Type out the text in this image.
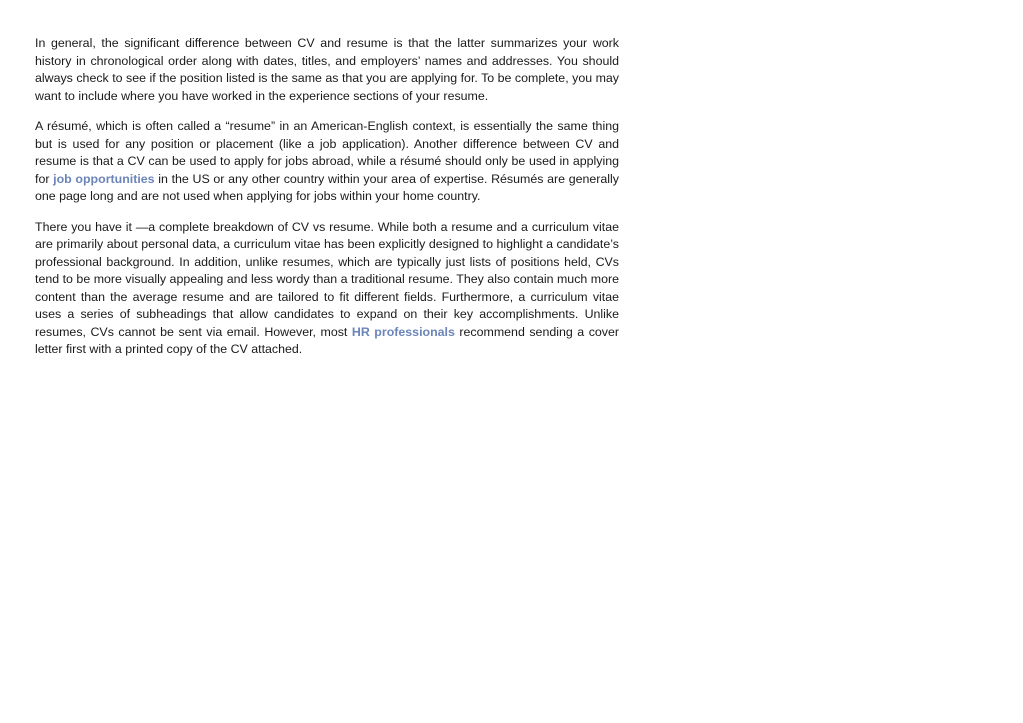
In general, the significant difference between CV and resume is that the latter summarizes your work history in chronological order along with dates, titles, and employers’ names and addresses. You should always check to see if the position listed is the same as that you are applying for. To be complete, you may want to include where you have worked in the experience sections of your resume.

A résumé, which is often called a “resume” in an American-English context, is essentially the same thing but is used for any position or placement (like a job application). Another difference between CV and resume is that a CV can be used to apply for jobs abroad, while a résumé should only be used in applying for job opportunities in the US or any other country within your area of expertise. Résumés are generally one page long and are not used when applying for jobs within your home country.

There you have it —a complete breakdown of CV vs resume. While both a resume and a curriculum vitae are primarily about personal data, a curriculum vitae has been explicitly designed to highlight a candidate’s professional background. In addition, unlike resumes, which are typically just lists of positions held, CVs tend to be more visually appealing and less wordy than a traditional resume. They also contain much more content than the average resume and are tailored to fit different fields. Furthermore, a curriculum vitae uses a series of subheadings that allow candidates to expand on their key accomplishments. Unlike resumes, CVs cannot be sent via email. However, most HR professionals recommend sending a cover letter first with a printed copy of the CV attached.
